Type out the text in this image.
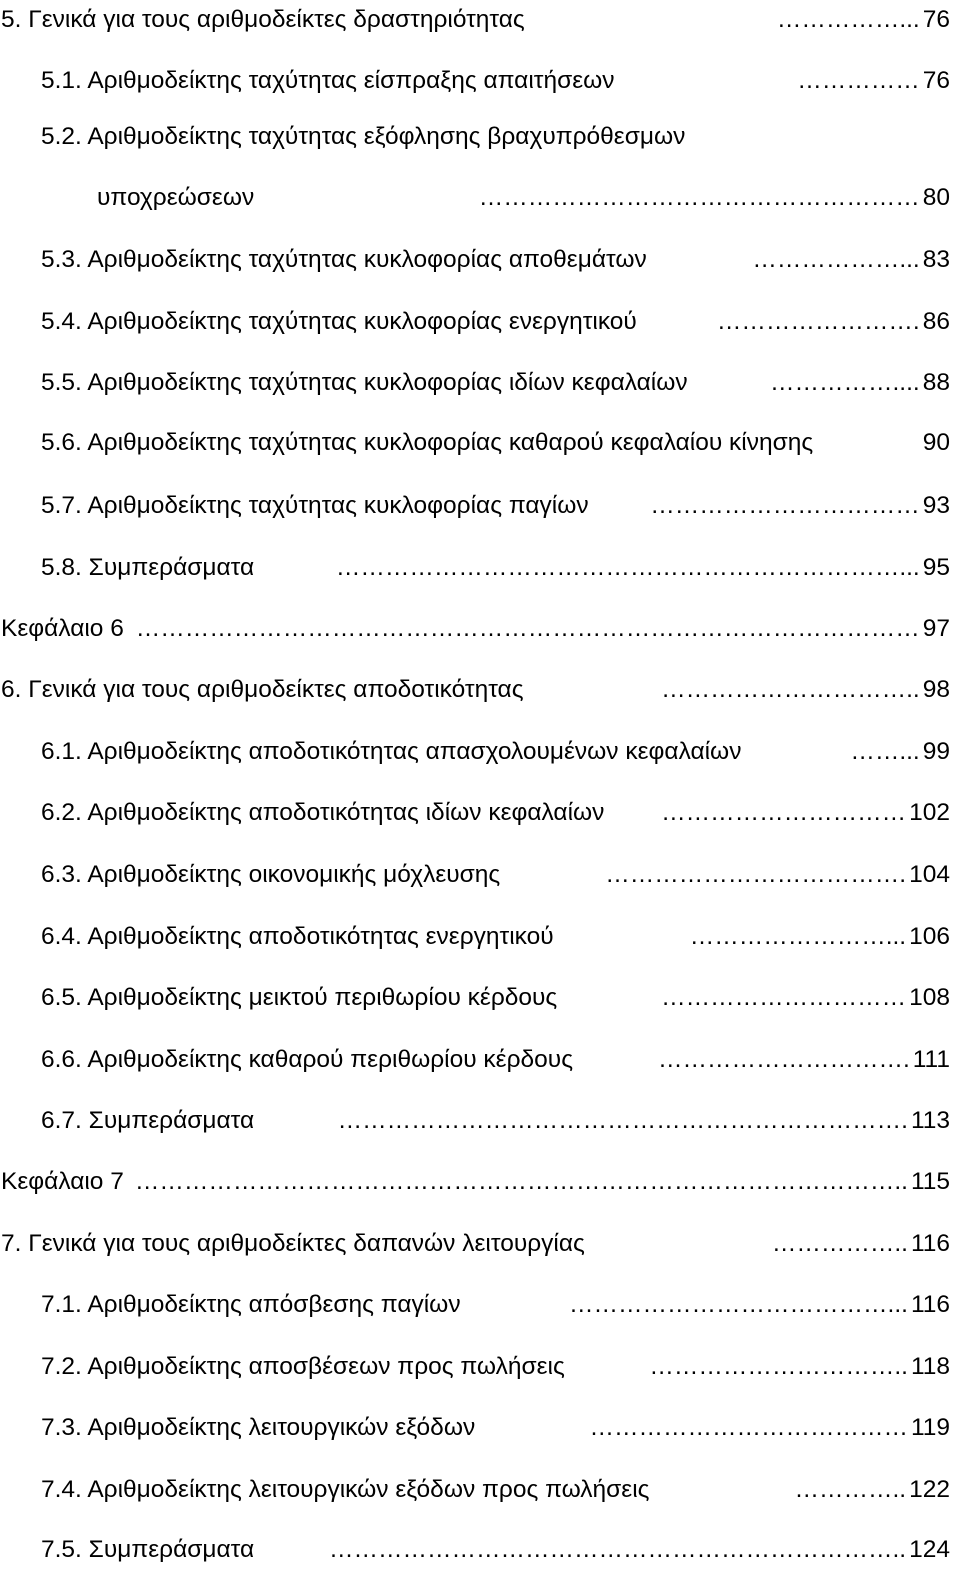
……………...
5. Γενικά για τους αριθμοδείκτες δραστηριότητας	76
……………
5.1. Αριθμοδείκτης ταχύτητας είσπραξης απαιτήσεων	76
5.2. Αριθμοδείκτης ταχύτητας εξόφλησης βραχυπρόθεσμων
………………………………………………
υποχρεώσεων	80
………………...
5.3. Αριθμοδείκτης ταχύτητας κυκλοφορίας αποθεμάτων	83
…………………….
5.4. Αριθμοδείκτης ταχύτητας κυκλοφορίας ενεργητικού	86
……………....
5.5. Αριθμοδείκτης ταχύτητας κυκλοφορίας ιδίων κεφαλαίων	88
5.6. Αριθμοδείκτης ταχύτητας κυκλοφορίας καθαρού κεφαλαίου κίνησης	90
……………………………
5.7. Αριθμοδείκτης ταχύτητας κυκλοφορίας παγίων	93
……………………………………………………………...
5.8. Συμπεράσματα	95
……………………………………………………………………………………
Κεφάλαιο 6	97
…………………………..
6. Γενικά για τους αριθμοδείκτες αποδοτικότητας	98
……...
6.1. Αριθμοδείκτης αποδοτικότητας απασχολουμένων κεφαλαίων	99
…………………………
6.2. Αριθμοδείκτης αποδοτικότητας ιδίων κεφαλαίων	102
……………………………….
6.3. Αριθμοδείκτης οικονομικής μόχλευσης	104
……………………...
6.4. Αριθμοδείκτης αποδοτικότητας ενεργητικού	106
…………………………
6.5. Αριθμοδείκτης μεικτού περιθωρίου κέρδους	108
………………………….
6.6. Αριθμοδείκτης καθαρού περιθωρίου κέρδους	111
…………………………………………………………….
6.7. Συμπεράσματα	113
…………………………………………………………………………………..
Κεφάλαιο 7	115
……………..
7. Γενικά για τους αριθμοδείκτες δαπανών λειτουργίας	116
…………………………………...
7.1. Αριθμοδείκτης απόσβεσης παγίων	116
…………………………..
7.2. Αριθμοδείκτης αποσβέσεων προς πωλήσεις	118
…………………………………
7.3. Αριθμοδείκτης λειτουργικών εξόδων	119
…………..
7.4. Αριθμοδείκτης λειτουργικών εξόδων προς πωλήσεις	122
……………………………………………………………..
7.5. Συμπεράσματα	124
